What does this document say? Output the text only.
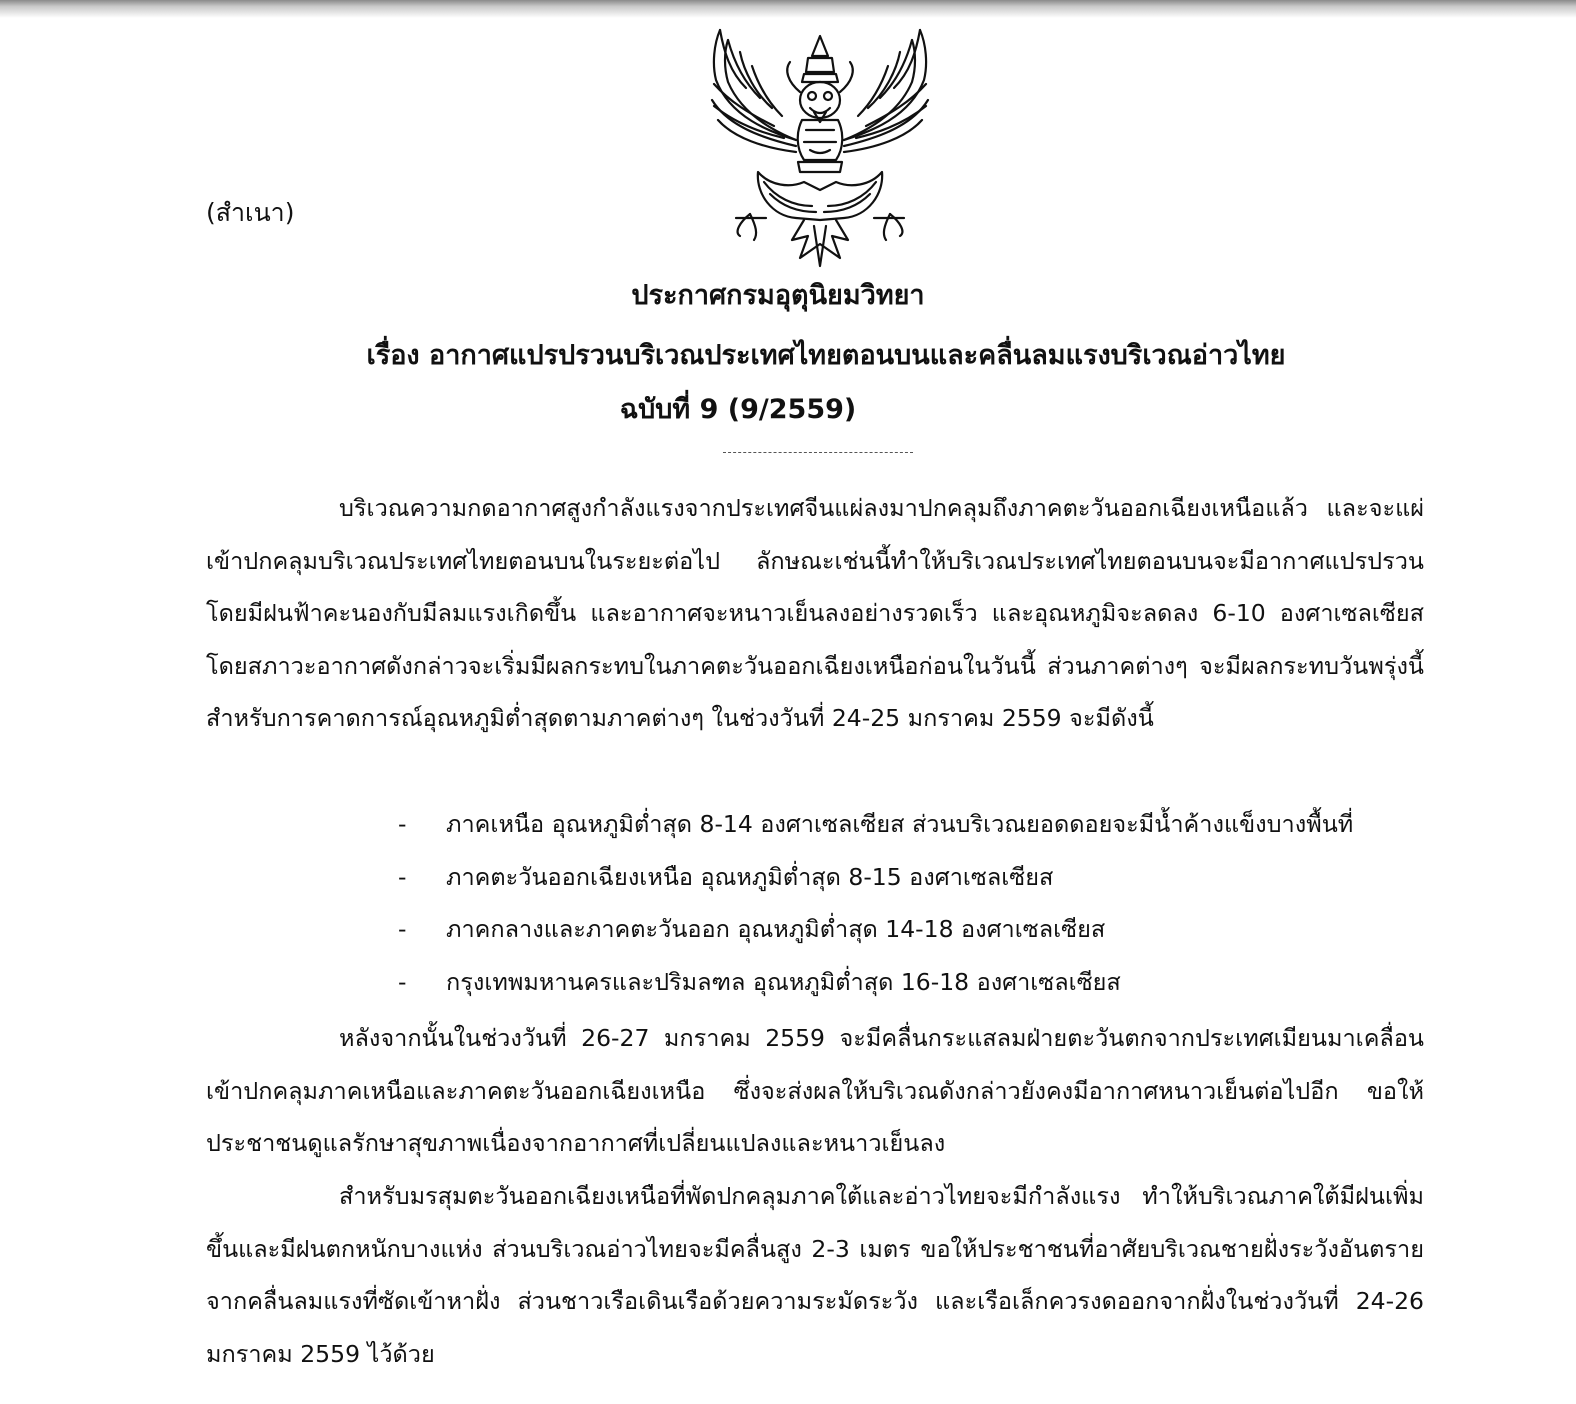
(สำเนา)
ประกาศกรมอุตุนิยมวิทยา
เรื่อง อากาศแปรปรวนบริเวณประเทศไทยตอนบนและคลื่นลมแรงบริเวณอ่าวไทย
ฉบับที่ 9 (9/2559)
บริเวณความกดอากาศสูงกำลังแรงจากประเทศจีนแผ่ลงมาปกคลุมถึงภาคตะวันออกเฉียงเหนือแล้ว และจะแผ่เข้าปกคลุมบริเวณประเทศไทยตอนบนในระยะต่อไป ลักษณะเช่นนี้ทำให้บริเวณประเทศไทยตอนบนจะมีอากาศแปรปรวน โดยมีฝนฟ้าคะนองกับมีลมแรงเกิดขึ้น และอากาศจะหนาวเย็นลงอย่างรวดเร็ว และอุณหภูมิจะลดลง 6-10 องศาเซลเซียส โดยสภาวะอากาศดังกล่าวจะเริ่มมีผลกระทบในภาคตะวันออกเฉียงเหนือก่อนในวันนี้ ส่วนภาคต่างๆ จะมีผลกระทบวันพรุ่งนี้ สำหรับการคาดการณ์อุณหภูมิต่ำสุดตามภาคต่างๆ ในช่วงวันที่ 24-25 มกราคม 2559 จะมีดังนี้
- ภาคเหนือ อุณหภูมิต่ำสุด 8-14 องศาเซลเซียส ส่วนบริเวณยอดดอยจะมีน้ำค้างแข็งบางพื้นที่
- ภาคตะวันออกเฉียงเหนือ อุณหภูมิต่ำสุด 8-15 องศาเซลเซียส
- ภาคกลางและภาคตะวันออก อุณหภูมิต่ำสุด 14-18 องศาเซลเซียส
- กรุงเทพมหานครและปริมลฑล อุณหภูมิต่ำสุด 16-18 องศาเซลเซียส
หลังจากนั้นในช่วงวันที่ 26-27 มกราคม 2559 จะมีคลื่นกระแสลมฝ่ายตะวันตกจากประเทศเมียนมาเคลื่อนเข้าปกคลุมภาคเหนือและภาคตะวันออกเฉียงเหนือ ซึ่งจะส่งผลให้บริเวณดังกล่าวยังคงมีอากาศหนาวเย็นต่อไปอีก ขอให้ประชาชนดูแลรักษาสุขภาพเนื่องจากอากาศที่เปลี่ยนแปลงและหนาวเย็นลง
สำหรับมรสุมตะวันออกเฉียงเหนือที่พัดปกคลุมภาคใต้และอ่าวไทยจะมีกำลังแรง ทำให้บริเวณภาคใต้มีฝนเพิ่มขึ้นและมีฝนตกหนักบางแห่ง ส่วนบริเวณอ่าวไทยจะมีคลื่นสูง 2-3 เมตร ขอให้ประชาชนที่อาศัยบริเวณชายฝั่งระวังอันตรายจากคลื่นลมแรงที่ซัดเข้าหาฝั่ง ส่วนชาวเรือเดินเรือด้วยความระมัดระวัง และเรือเล็กควรงดออกจากฝั่งในช่วงวันที่ 24-26 มกราคม 2559 ไว้ด้วย
